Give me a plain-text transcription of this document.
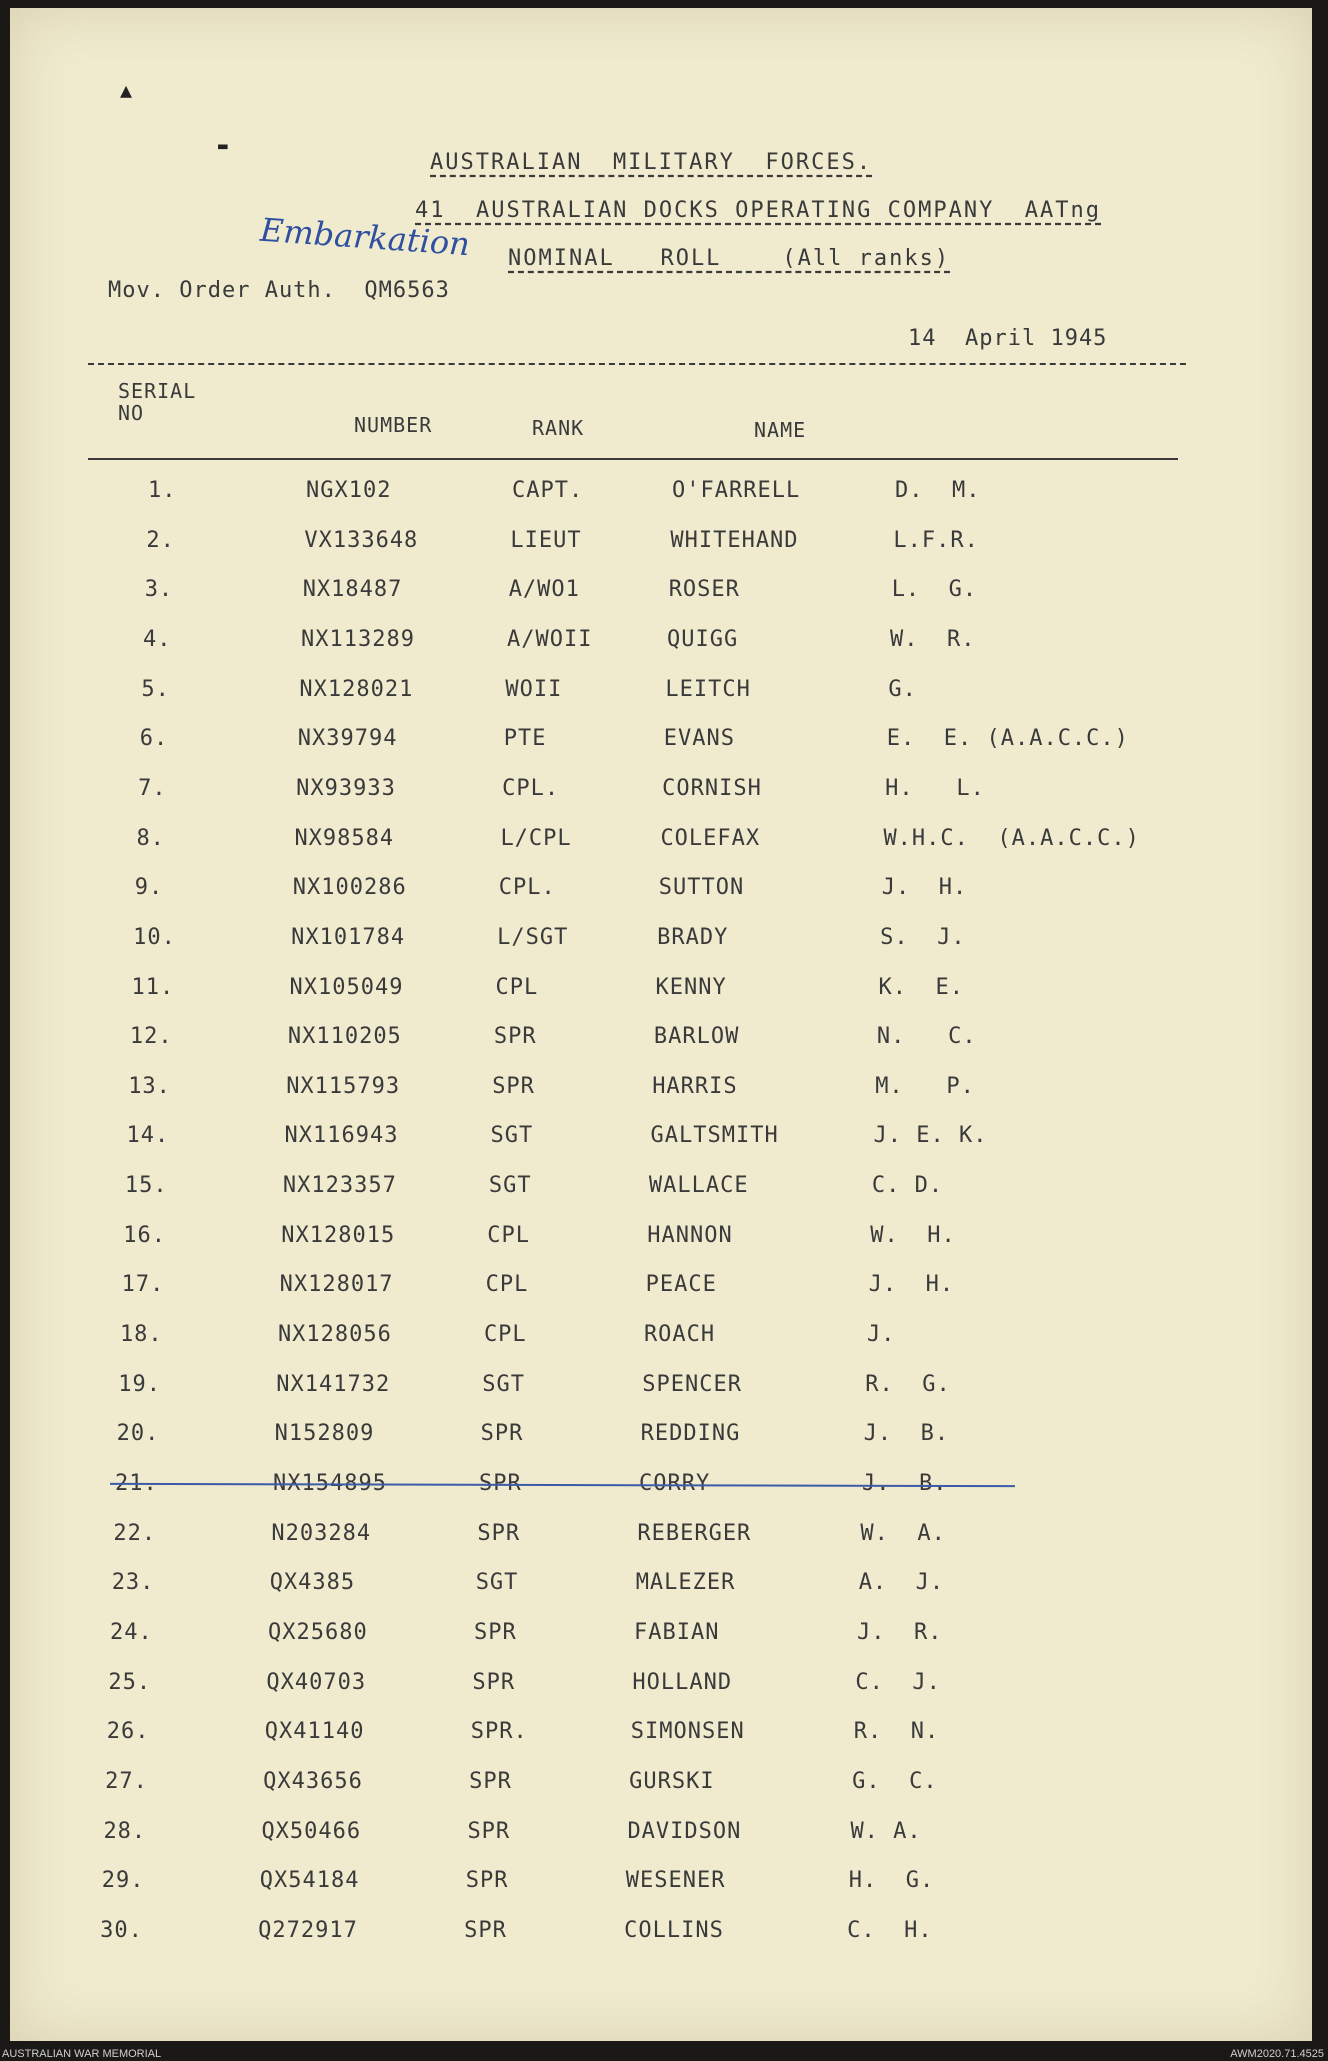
▲
▬
AUSTRALIAN  MILITARY  FORCES.
41  AUSTRALIAN DOCKS OPERATING COMPANY  AATng
Embarkation NOMINAL   ROLL    (All ranks)
Mov. Order Auth.  QM6563
14  April 1945
SERIAL
NO	NUMBER	RANK	NAME
1.	NGX102	CAPT.	O'FARRELL	D.  M.
2.	VX133648	LIEUT	WHITEHAND	L.F.R.
3.	NX18487	A/WO1	ROSER	L.  G.
4.	NX113289	A/WOII	QUIGG	W.  R.
5.	NX128021	WOII	LEITCH	G.
6.	NX39794	PTE	EVANS	E.  E. (A.A.C.C.)
7.	NX93933	CPL.	CORNISH	H.   L.
8.	NX98584	L/CPL	COLEFAX	W.H.C.  (A.A.C.C.)
9.	NX100286	CPL.	SUTTON	J.  H.
10.	NX101784	L/SGT	BRADY	S.  J.
11.	NX105049	CPL	KENNY	K.  E.
12.	NX110205	SPR	BARLOW	N.   C.
13.	NX115793	SPR	HARRIS	M.   P.
14.	NX116943	SGT	GALTSMITH	J. E. K.
15.	NX123357	SGT	WALLACE	C. D.
16.	NX128015	CPL	HANNON	W.  H.
17.	NX128017	CPL	PEACE	J.  H.
18.	NX128056	CPL	ROACH	J.
19.	NX141732	SGT	SPENCER	R.  G.
20.	N152809	SPR	REDDING	J.  B.
21.	NX154895	SPR	CORRY	J.  B.
22.	N203284	SPR	REBERGER	W.  A.
23.	QX4385	SGT	MALEZER	A.  J.
24.	QX25680	SPR	FABIAN	J.  R.
25.	QX40703	SPR	HOLLAND	C.  J.
26.	QX41140	SPR.	SIMONSEN	R.  N.
27.	QX43656	SPR	GURSKI	G.  C.
28.	QX50466	SPR	DAVIDSON	W. A.
29.	QX54184	SPR	WESENER	H.  G.
30.	Q272917	SPR	COLLINS	C.  H.
AUSTRALIAN WAR MEMORIAL	AWM2020.71.4525
